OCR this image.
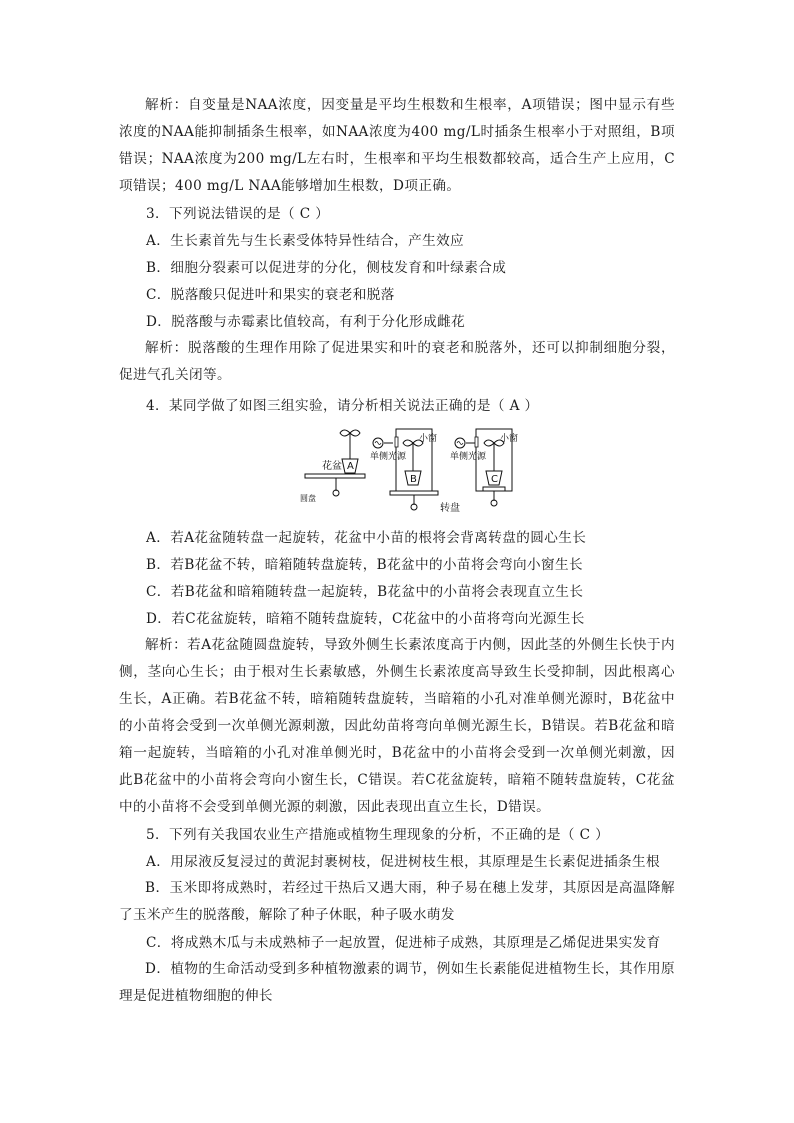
解析：自变量是NAA浓度，因变量是平均生根数和生根率，A项错误；图中显示有些浓度的NAA能抑制插条生根率，如NAA浓度为400 mg/L时插条生根率小于对照组，B项错误；NAA浓度为200 mg/L左右时，生根率和平均生根数都较高，适合生产上应用，C项错误；400 mg/L NAA能够增加生根数，D项正确。
3．下列说法错误的是（ C ）
A．生长素首先与生长素受体特异性结合，产生效应
B．细胞分裂素可以促进芽的分化，侧枝发育和叶绿素合成
C．脱落酸只促进叶和果实的衰老和脱落
D．脱落酸与赤霉素比值较高，有利于分化形成雌花
解析：脱落酸的生理作用除了促进果实和叶的衰老和脱落外，还可以抑制细胞分裂，促进气孔关闭等。
4．某同学做了如图三组实验，请分析相关说法正确的是（ A ）
A
花盆
圆盘
单侧光源
小窗
B
单侧光源
小窗
C
转盘
A．若A花盆随转盘一起旋转，花盆中小苗的根将会背离转盘的圆心生长
B．若B花盆不转，暗箱随转盘旋转，B花盆中的小苗将会弯向小窗生长
C．若B花盆和暗箱随转盘一起旋转，B花盆中的小苗将会表现直立生长
D．若C花盆旋转，暗箱不随转盘旋转，C花盆中的小苗将弯向光源生长
解析：若A花盆随圆盘旋转，导致外侧生长素浓度高于内侧，因此茎的外侧生长快于内侧，茎向心生长；由于根对生长素敏感，外侧生长素浓度高导致生长受抑制，因此根离心生长，A正确。若B花盆不转，暗箱随转盘旋转，当暗箱的小孔对准单侧光源时，B花盆中的小苗将会受到一次单侧光源刺激，因此幼苗将弯向单侧光源生长，B错误。若B花盆和暗箱一起旋转，当暗箱的小孔对准单侧光时，B花盆中的小苗将会受到一次单侧光刺激，因此B花盆中的小苗将会弯向小窗生长，C错误。若C花盆旋转，暗箱不随转盘旋转，C花盆中的小苗将不会受到单侧光源的刺激，因此表现出直立生长，D错误。
5．下列有关我国农业生产措施或植物生理现象的分析，不正确的是（ C ）
A．用尿液反复浸过的黄泥封裹树枝，促进树枝生根，其原理是生长素促进插条生根
B．玉米即将成熟时，若经过干热后又遇大雨，种子易在穗上发芽，其原因是高温降解了玉米产生的脱落酸，解除了种子休眠，种子吸水萌发
C．将成熟木瓜与未成熟柿子一起放置，促进柿子成熟，其原理是乙烯促进果实发育
D．植物的生命活动受到多种植物激素的调节，例如生长素能促进植物生长，其作用原理是促进植物细胞的伸长
